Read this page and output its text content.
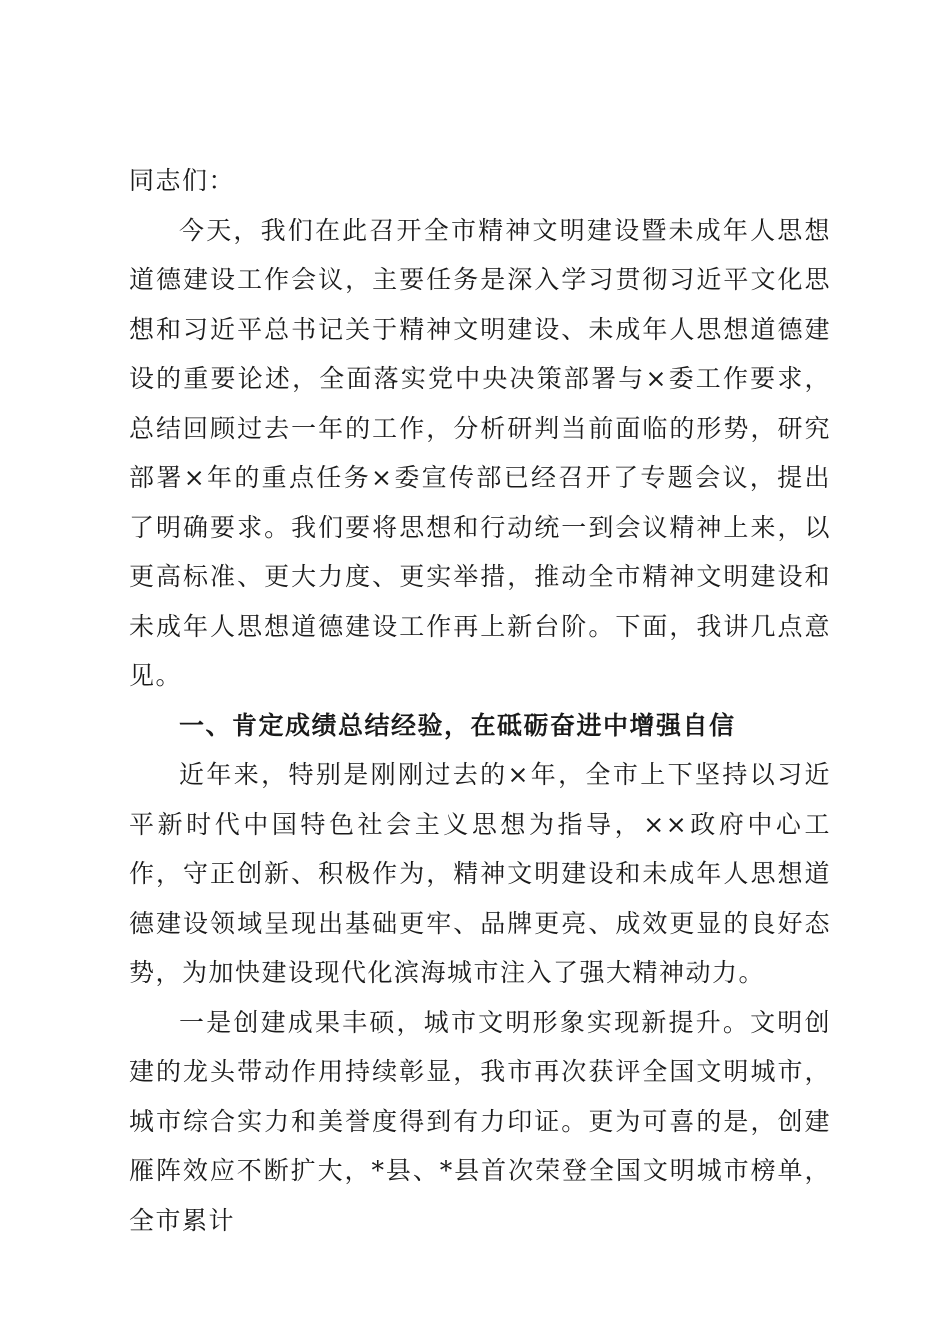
同志们：

今天，我们在此召开全市精神文明建设暨未成年人思想道德建设工作会议，主要任务是深入学习贯彻习近平文化思想和习近平总书记关于精神文明建设、未成年人思想道德建设的重要论述，全面落实党中央决策部署与×委工作要求，总结回顾过去一年的工作，分析研判当前面临的形势，研究部署×年的重点任务×委宣传部已经召开了专题会议，提出了明确要求。我们要将思想和行动统一到会议精神上来，以更高标准、更大力度、更实举措，推动全市精神文明建设和未成年人思想道德建设工作再上新台阶。下面，我讲几点意见。

一、肯定成绩总结经验，在砥砺奋进中增强自信

近年来，特别是刚刚过去的×年，全市上下坚持以习近平新时代中国特色社会主义思想为指导，××政府中心工作，守正创新、积极作为，精神文明建设和未成年人思想道德建设领域呈现出基础更牢、品牌更亮、成效更显的良好态势，为加快建设现代化滨海城市注入了强大精神动力。

一是创建成果丰硕，城市文明形象实现新提升。文明创建的龙头带动作用持续彰显，我市再次获评全国文明城市，城市综合实力和美誉度得到有力印证。更为可喜的是，创建雁阵效应不断扩大，*县、*县首次荣登全国文明城市榜单，全市累计
